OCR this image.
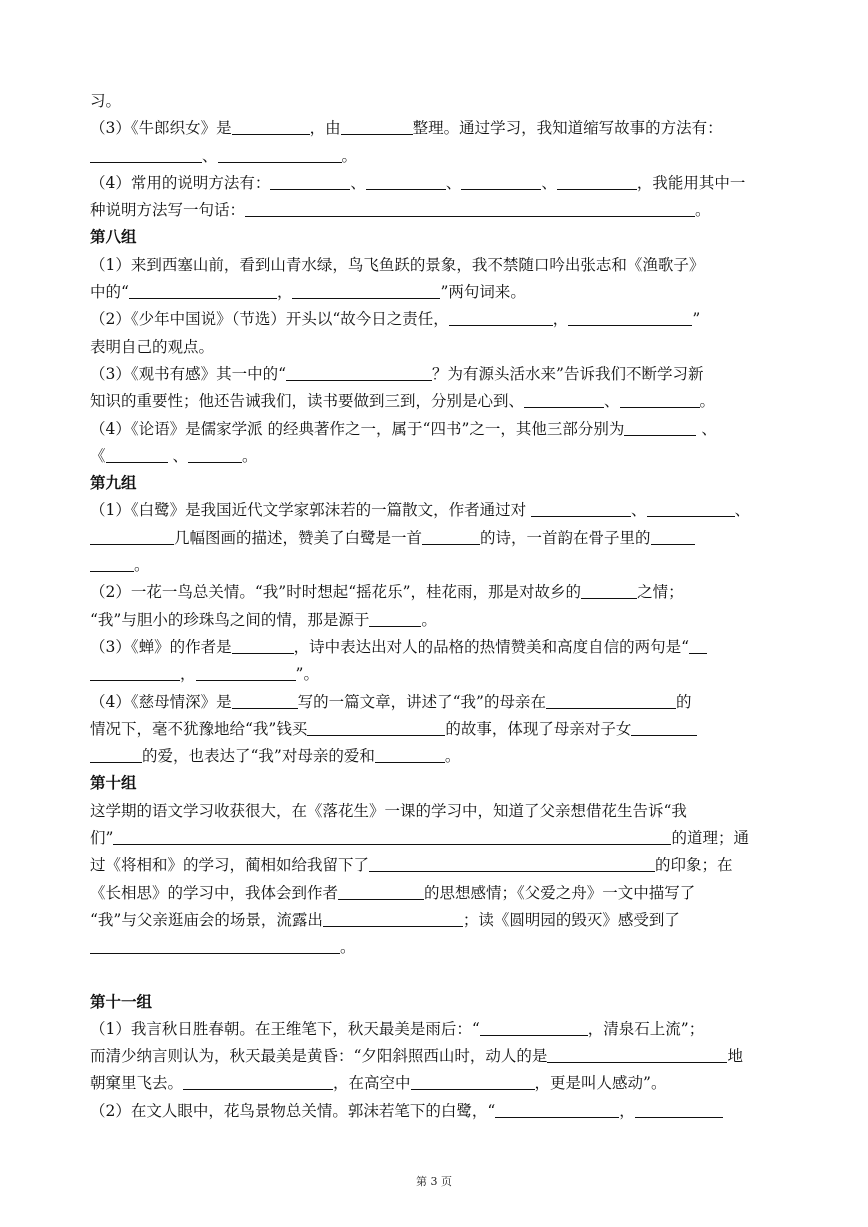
习。
（3）《牛郎织女》是	，由	整理。通过学习，我知道缩写故事的方法有：
、	。
（4）常用的说明方法有：	、	、	、	，我能用其中一
种说明方法写一句话：	。
第八组
（1）来到西塞山前，看到山青水绿，鸟飞鱼跃的景象，我不禁随口吟出张志和《渔歌子》
中的“	，	”两句词来。
（2）《少年中国说》（节选）开头以“故今日之责任，	，	”
表明自己的观点。
（3）《观书有感》其一中的“	？为有源头活水来”告诉我们不断学习新
知识的重要性；他还告诫我们，读书要做到三到，分别是心到、	、	。
（4）《论语》是儒家学派 的经典著作之一，属于“四书”之一，其他三部分别为	、
《	、	。
第九组
（1）《白鹭》是我国近代文学家郭沫若的一篇散文，作者通过对	、	、
几幅图画的描述，赞美了白鹭是一首	的诗，一首韵在骨子里的
。
（2）一花一鸟总关情。“我”时时想起“摇花乐”，桂花雨，那是对故乡的	之情；
“我”与胆小的珍珠鸟之间的情，那是源于	。
（3）《蝉》的作者是	，诗中表达出对人的品格的热情赞美和高度自信的两句是“
，	”。
（4）《慈母情深》是	写的一篇文章，讲述了“我”的母亲在	的
情况下，毫不犹豫地给“我”钱买	的故事，体现了母亲对子女
的爱，也表达了“我”对母亲的爱和	。
第十组
这学期的语文学习收获很大，在《落花生》一课的学习中，知道了父亲想借花生告诉“我
们”	的道理；通
过《将相和》的学习，蔺相如给我留下了	的印象；在
《长相思》的学习中，我体会到作者	的思想感情；《父爱之舟》一文中描写了
“我”与父亲逛庙会的场景，流露出	；读《圆明园的毁灭》感受到了
。
第十一组
（1）我言秋日胜春朝。在王维笔下，秋天最美是雨后：“	，清泉石上流”；
而清少纳言则认为，秋天最美是黄昏：“夕阳斜照西山时，动人的是	地
朝窠里飞去。	，在高空中	，更是叫人感动”。
（2）在文人眼中，花鸟景物总关情。郭沫若笔下的白鹭，“	，
第 3 页
